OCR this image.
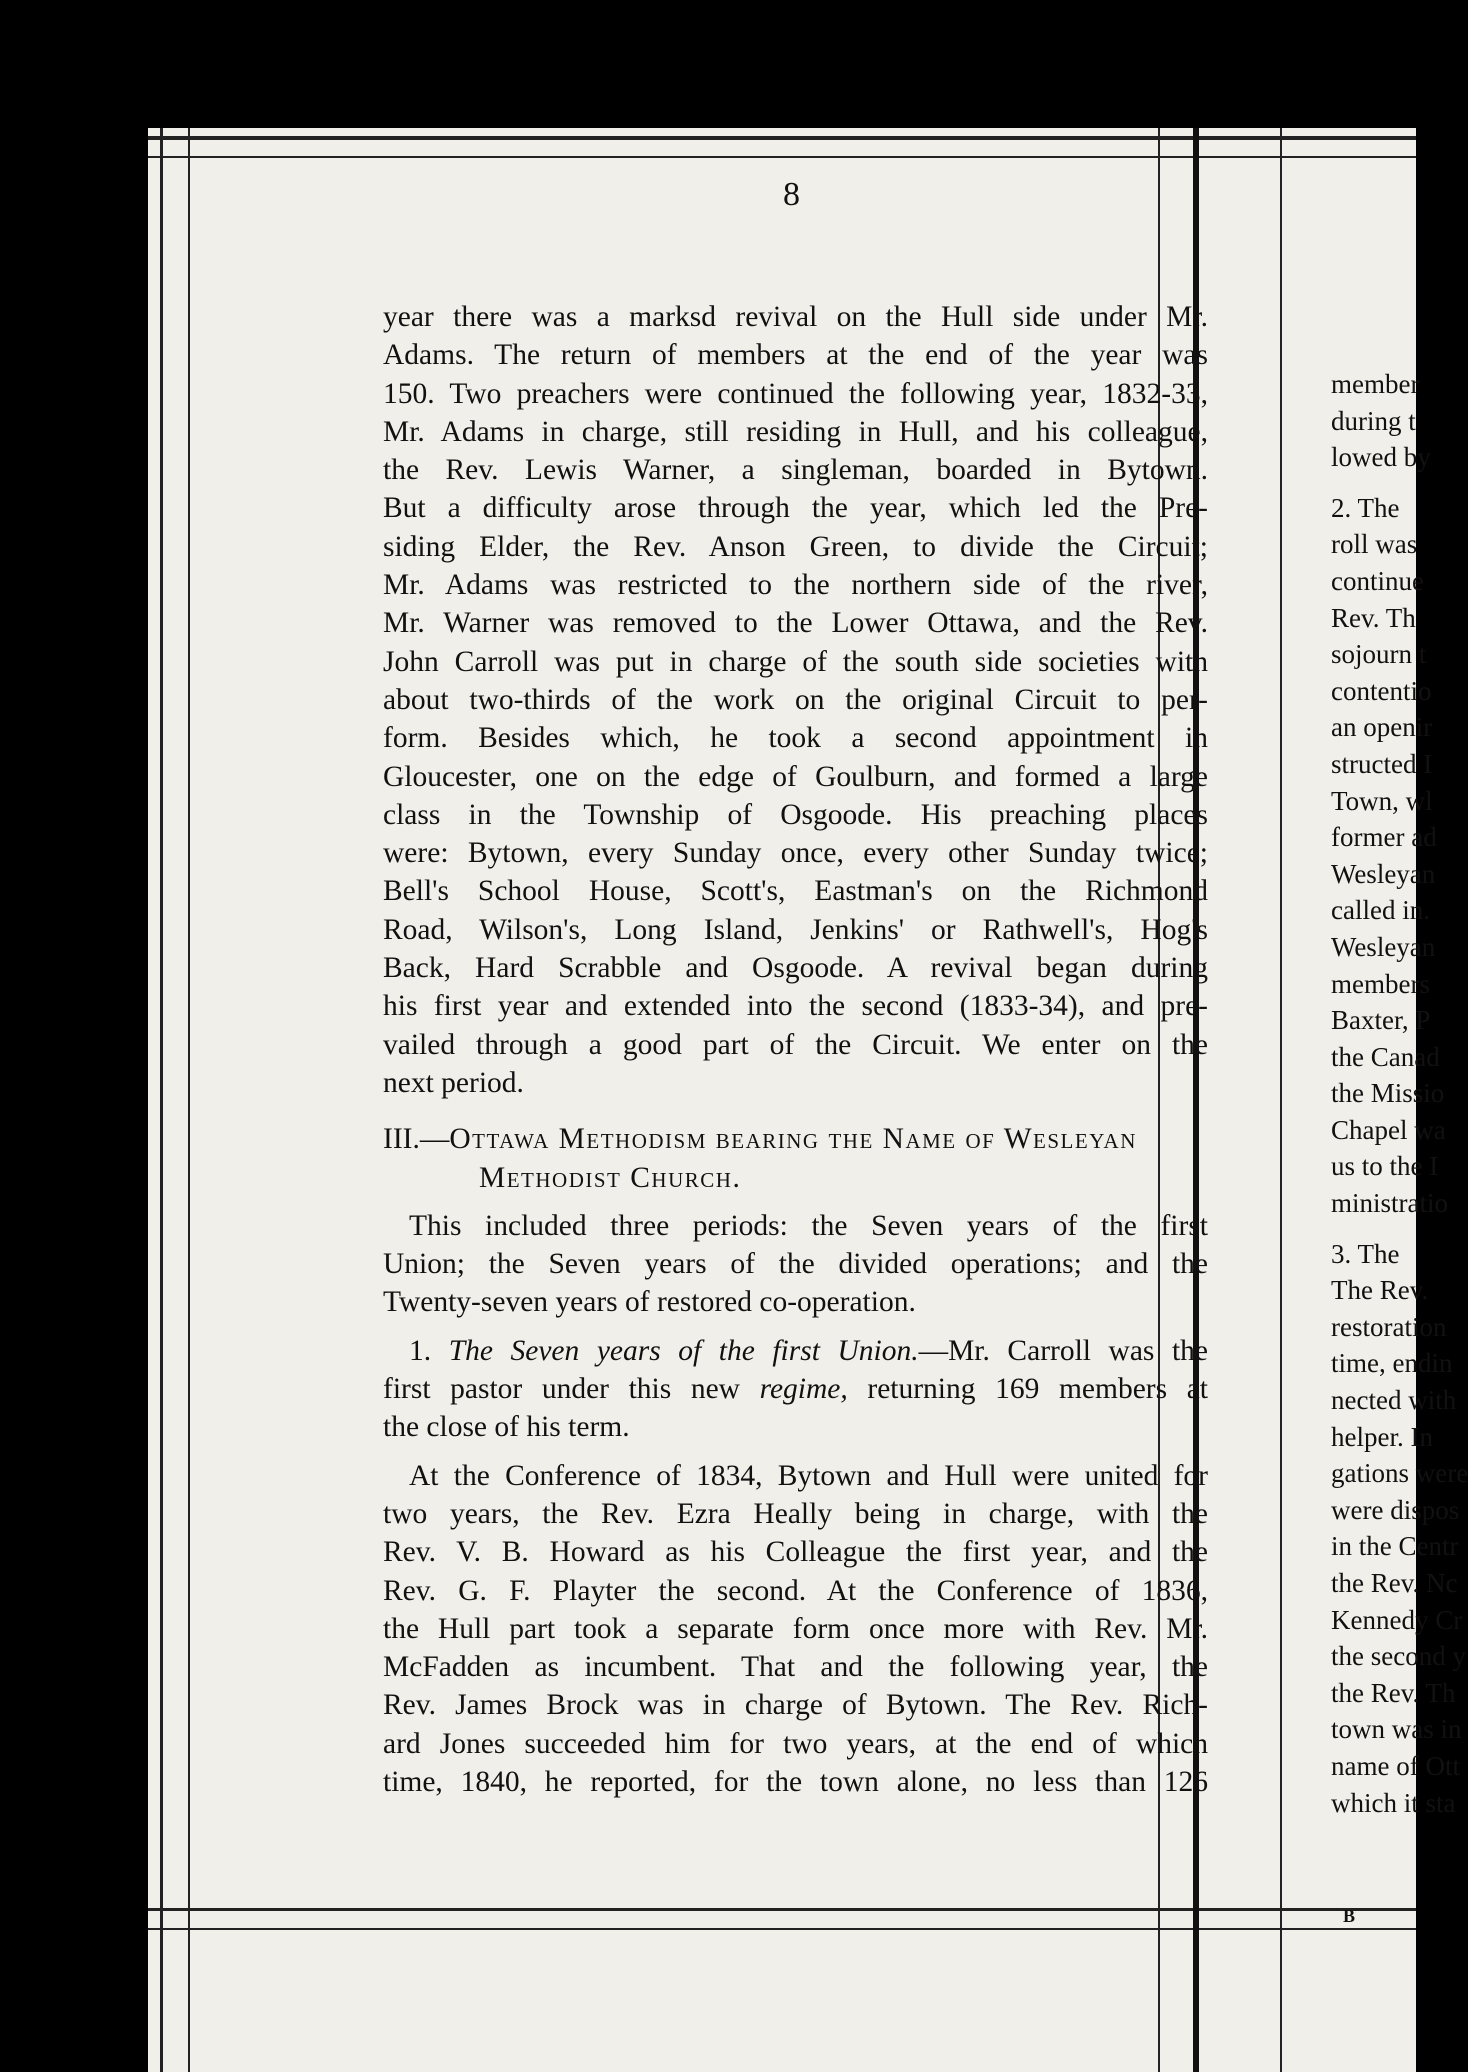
8
year there was a marksd revival on the Hull side under Mr.
Adams. The return of members at the end of the year was
150. Two preachers were continued the following year, 1832-33,
Mr. Adams in charge, still residing in Hull, and his colleague,
the Rev. Lewis Warner, a singleman, boarded in Bytown.
But a difficulty arose through the year, which led the Pre-
siding Elder, the Rev. Anson Green, to divide the Circuit;
Mr. Adams was restricted to the northern side of the river,
Mr. Warner was removed to the Lower Ottawa, and the Rev.
John Carroll was put in charge of the south side societies with
about two-thirds of the work on the original Circuit to per-
form. Besides which, he took a second appointment in
Gloucester, one on the edge of Goulburn, and formed a large
class in the Township of Osgoode. His preaching places
were: Bytown, every Sunday once, every other Sunday twice;
Bell's School House, Scott's, Eastman's on the Richmond
Road, Wilson's, Long Island, Jenkins' or Rathwell's, Hog's
Back, Hard Scrabble and Osgoode. A revival began during
his first year and extended into the second (1833-34), and pre-
vailed through a good part of the Circuit. We enter on the
next period.
III.—Ottawa Methodism bearing the Name of Wesleyan
Methodist Church.
This included three periods: the Seven years of the first
Union; the Seven years of the divided operations; and the
Twenty-seven years of restored co-operation.
1. The Seven years of the first Union.—Mr. Carroll was the
first pastor under this new regime, returning 169 members at
the close of his term.
At the Conference of 1834, Bytown and Hull were united for
two years, the Rev. Ezra Heally being in charge, with the
Rev. V. B. Howard as his Colleague the first year, and the
Rev. G. F. Playter the second. At the Conference of 1836,
the Hull part took a separate form once more with Rev. Mr.
McFadden as incumbent. That and the following year, the
Rev. James Brock was in charge of Bytown. The Rev. Rich-
ard Jones succeeded him for two years, at the end of which
time, 1840, he reported, for the town alone, no less than 126
member
during t
lowed by
2. The
roll was
continue
Rev. Th
sojourn t
contentio
an openir
structed I
Town, wl
former ad
Wesleyan
called in.
Wesleyan
members
Baxter, P
the Canad
the Missio
Chapel wa
us to the I
ministratio
3. The
The Rev.
restoration
time, endin
nected with
helper. In
gations were
were dispos
in the Centr
the Rev. Nc
Kennedy Cr
the second y
the Rev. Th
town was in
name of Ott
which it sta
B
